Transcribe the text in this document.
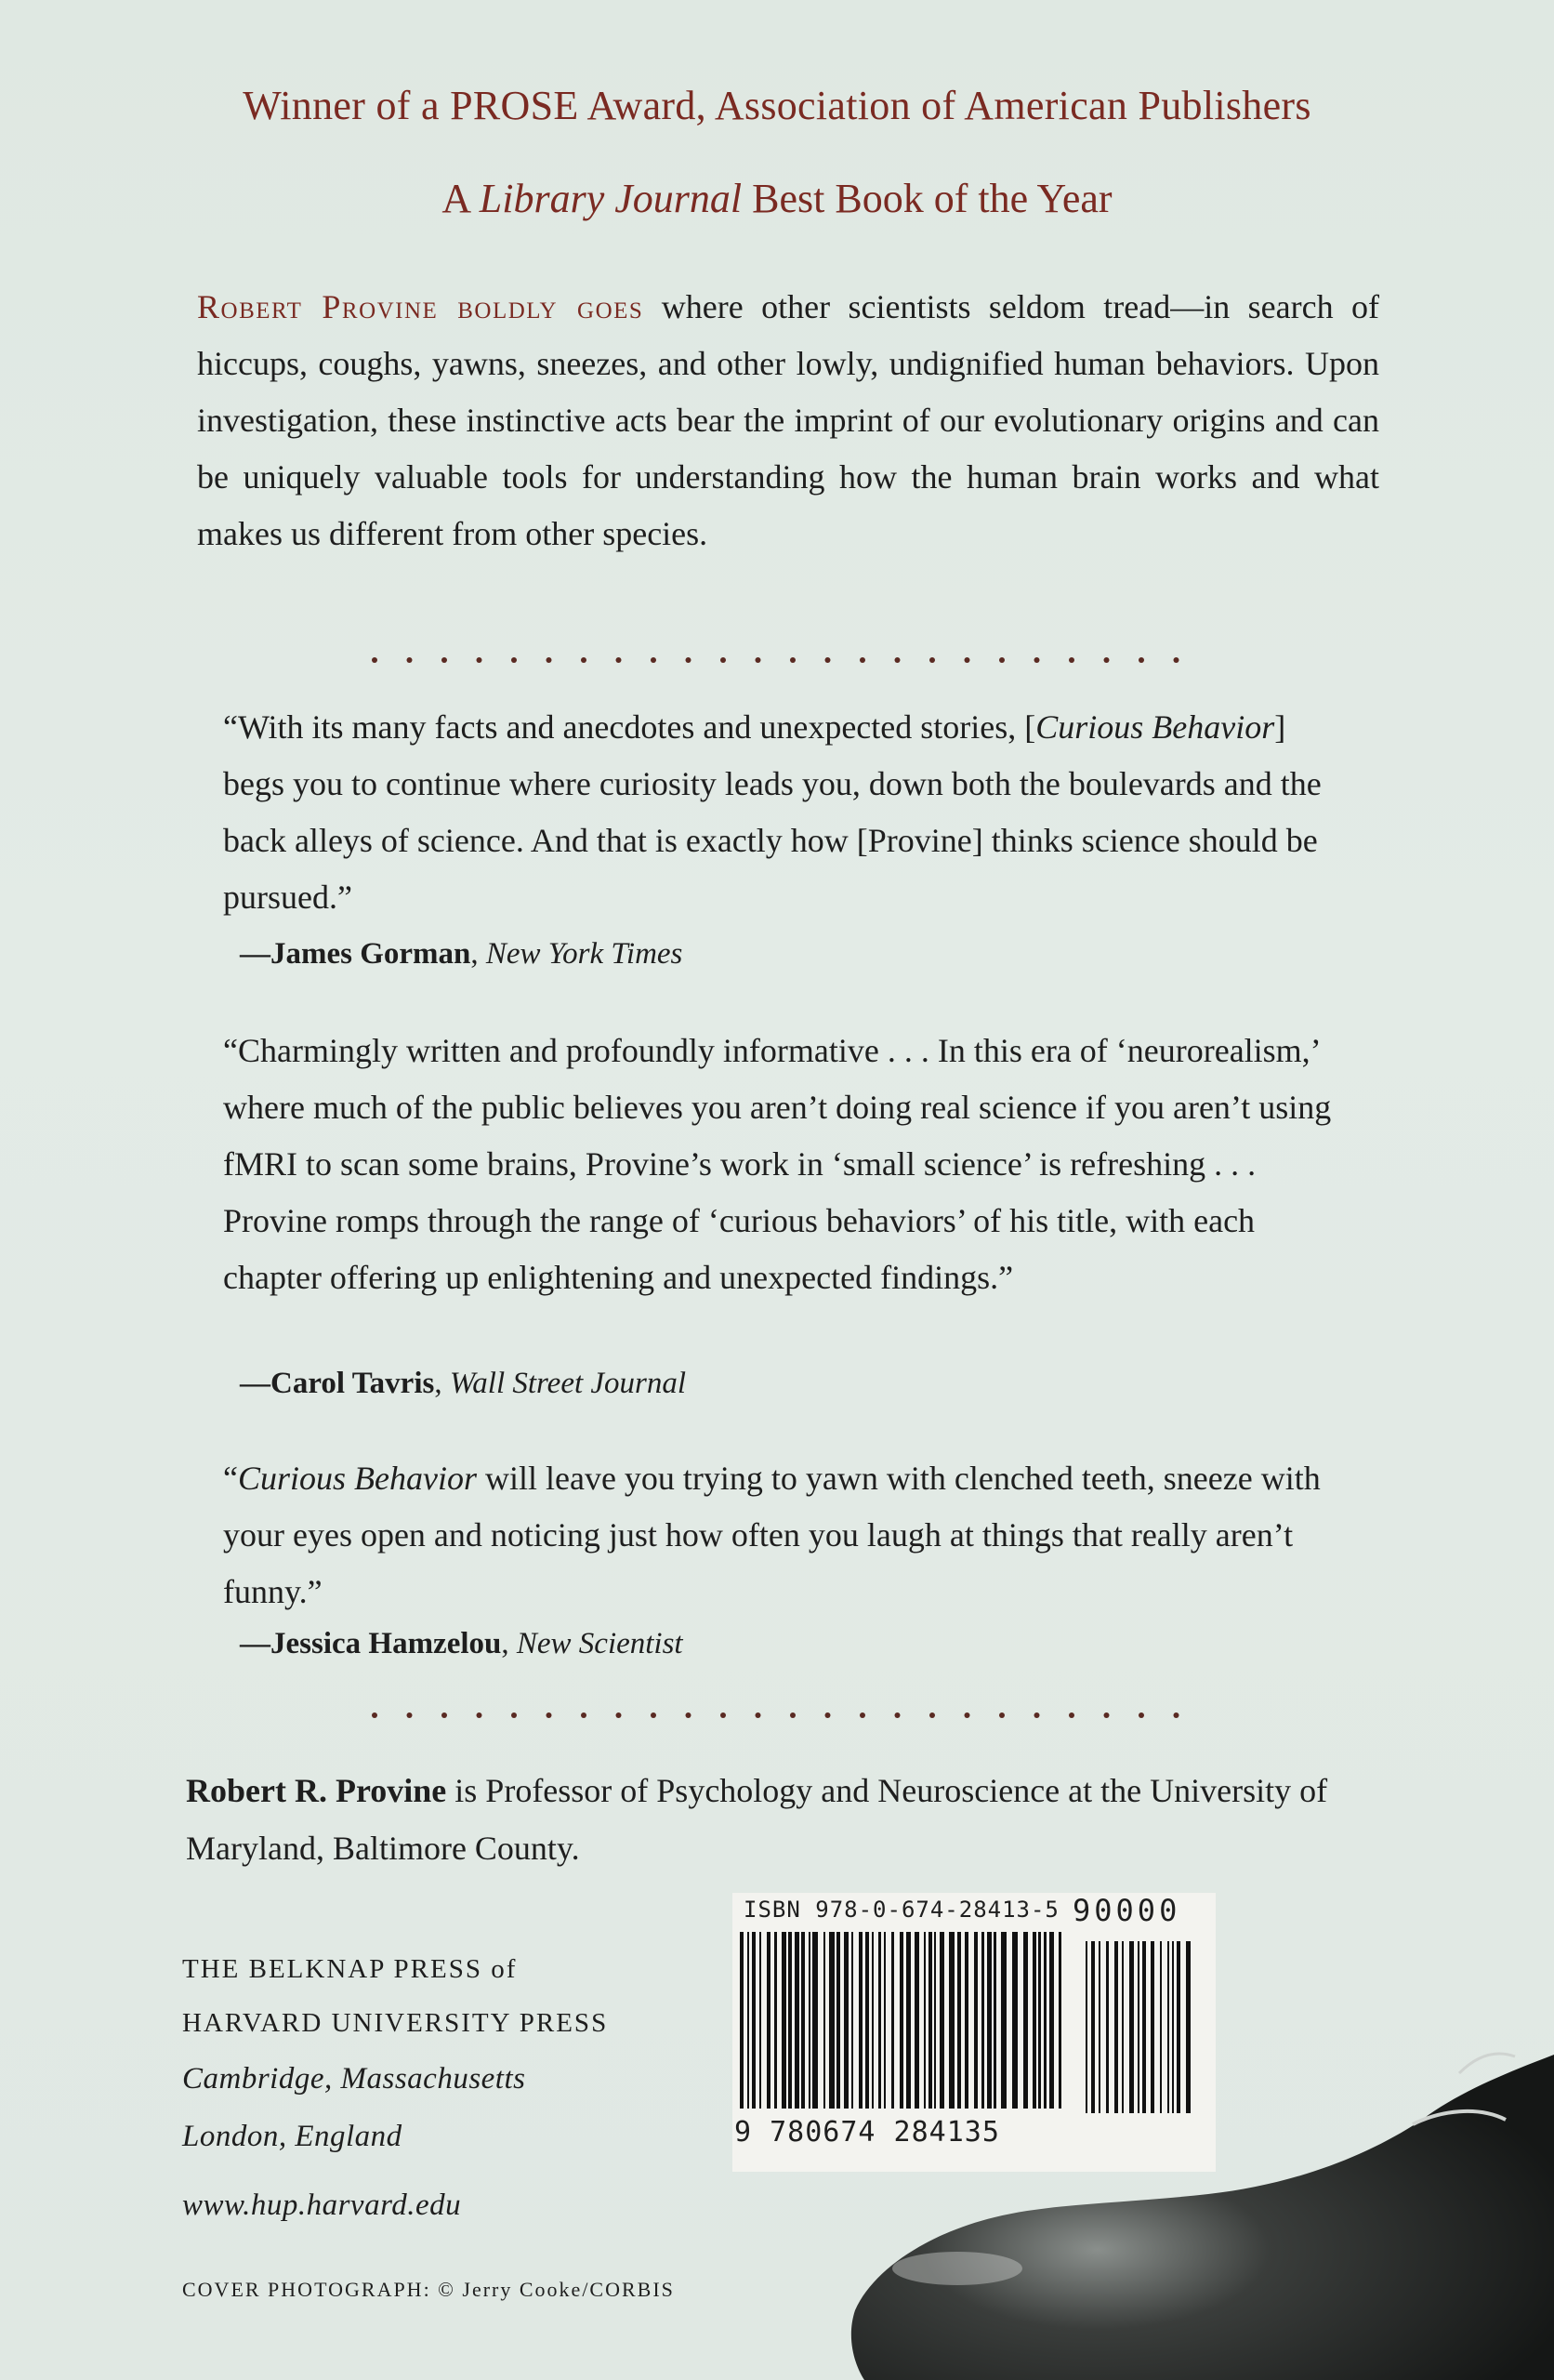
Winner of a PROSE Award, Association of American Publishers
A Library Journal Best Book of the Year
Robert Provine boldly goes where other scientists seldom tread—in search of hiccups, coughs, yawns, sneezes, and other lowly, undignified human behaviors. Upon investigation, these instinctive acts bear the imprint of our evolutionary origins and can be uniquely valuable tools for understanding how the human brain works and what makes us different from other species.
“With its many facts and anecdotes and unexpected stories, [Curious Behavior] begs you to continue where curiosity leads you, down both the boulevards and the back alleys of science. And that is exactly how [Provine] thinks science should be pursued.”
—James Gorman, New York Times
“Charmingly written and profoundly informative . . . In this era of ‘neurorealism,’ where much of the public believes you aren’t doing real science if you aren’t using fMRI to scan some brains, Provine’s work in ‘small science’ is refreshing . . . Provine romps through the range of ‘curious behaviors’ of his title, with each chapter offering up enlightening and unexpected findings.”
—Carol Tavris, Wall Street Journal
“Curious Behavior will leave you trying to yawn with clenched teeth, sneeze with your eyes open and noticing just how often you laugh at things that really aren’t funny.”
—Jessica Hamzelou, New Scientist
Robert R. Provine is Professor of Psychology and Neuroscience at the University of Maryland, Baltimore County.
THE BELKNAP PRESS of
HARVARD UNIVERSITY PRESS
Cambridge, Massachusetts
London, England
www.hup.harvard.edu
COVER PHOTOGRAPH: © Jerry Cooke/CORBIS
ISBN 978-0-674-28413-5 90000
9 780674 284135
